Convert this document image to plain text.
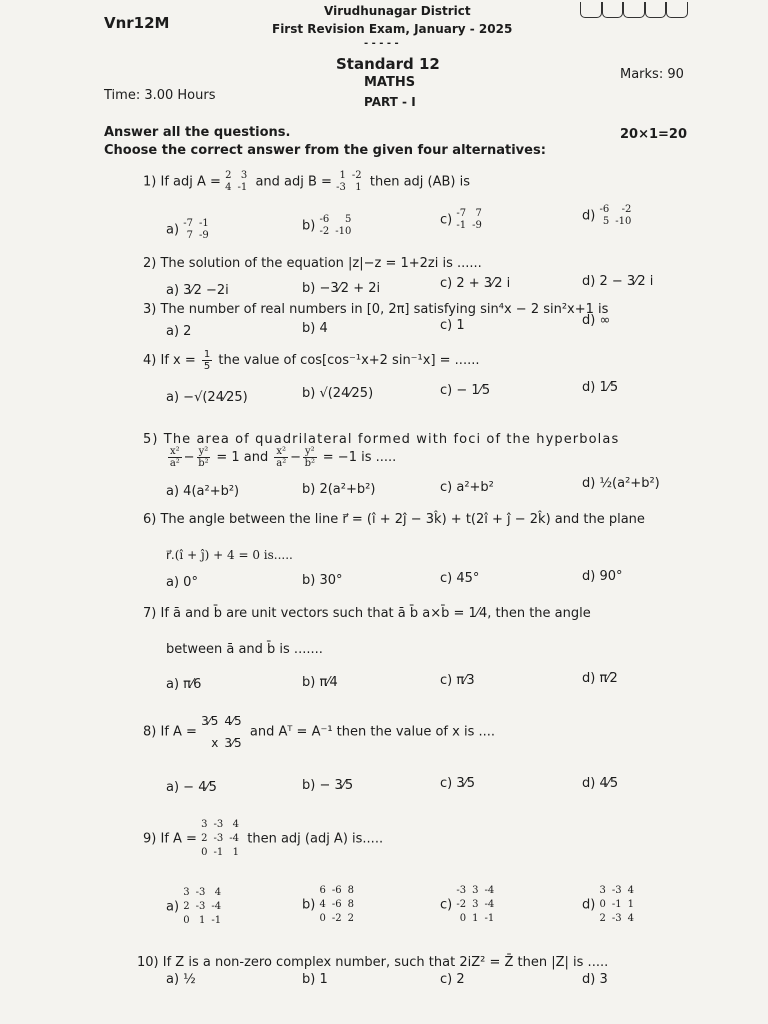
Vnr12M
Virudhunagar District
First Revision Exam, January - 2025
- - - - -
Standard 12
MATHS
PART - I
Time: 3.00 Hours
Marks: 90
Answer all the questions.
Choose the correct answer from the given four alternatives:
20×1=20
1) If adj A = 2 3
4 -1 and adj B = 1 -2
-3 1 then adj (AB) is
a) -7 -1
7 -9
b) -6	5
-2 -10
c) -7 7
-1 -9
d) -6	-2
5 -10
2) The solution of the equation |z|−z = 1+2zi is ......
a) 3⁄2 −2i	b) −3⁄2 + 2i	c) 2 + 3⁄2 i	d) 2 − 3⁄2 i
3) The number of real numbers in [0, 2π] satisfying sin⁴x − 2 sin²x+1 is
a) 2	b) 4	c) 1	d) ∞
4) If $x = \frac{1}{5}$ the value of cos[cos⁻¹x+2 sin⁻¹x] = ......
a) −√(24⁄25)	b) √(24⁄25)	c) − 1⁄5	d) 1⁄5
5) The area of quadrilateral formed with foci of the hyperbolas
$\frac{\text{x²}}{\text{a²}} - \frac{\text{y²}}{\text{b²}} = 1$ and $\frac{\text{x²}}{\text{a²}} - \frac{\text{y²}}{\text{b²}} = -1$ is .....
a) 4(a²+b²)	b) 2(a²+b²)	c) a²+b²	d) ½(a²+b²)
6) The angle between the line r⃗ = (î + 2ĵ − 3k̂) + t(2î + ĵ − 2k̂) and the plane
r⃗.(î + ĵ) + 4 = 0 is.....
a) 0°	b) 30°	c) 45°	d) 90°
7) If ā and b̄ are unit vectors such that ā b̄ a×b̄ = 1⁄4, then the angle
between ā and b̄ is .......
a) π⁄6	b) π⁄4	c) π⁄3	d) π⁄2
8) If A =
3⁄5 4⁄5
x 3⁄5
and Aᵀ = A⁻¹ then the value of x is ....
a) − 4⁄5	b) − 3⁄5	c) 3⁄5	d) 4⁄5
9) If A =
3 -3 4
2 -3 -4
0 -1 1
then adj (adj A) is.....
a)
3 -3 4
2 -3 -4
0 1 -1
b)
6 -6 8
4 -6 8
0 -2 2
c)
-3 3 -4
-2 3 -4
0 1 -1
d)
3 -3 4
0 -1 1
2 -3 4
10) If Z is a non-zero complex number, such that 2iZ² = Z̄ then |Z| is .....
a) ½	b) 1	c) 2	d) 3
